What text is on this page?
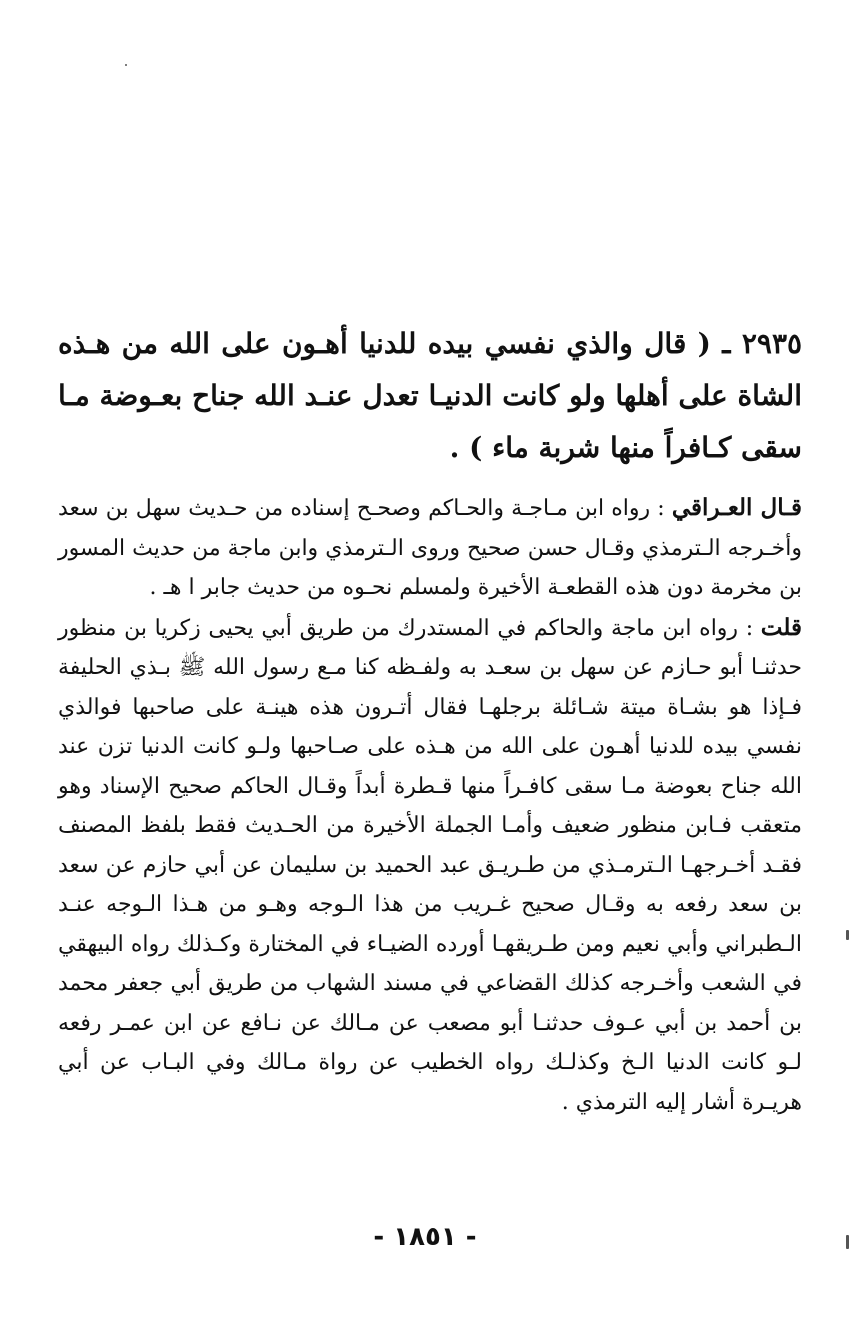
٢٩٣٥ ـ ( قال والذي نفسي بيده للدنيا أهـون على الله من هـذه الشاة على أهلها ولو كانت الدنيـا تعدل عنـد الله جناح بعـوضة مـا سقى كـافراً منها شربة ماء ) .

قـال العـراقي : رواه ابن مـاجـة والحـاكم وصحـح إسناده من حـديث سهل بن سعد وأخـرجه الـترمذي وقـال حسن صحيح وروى الـترمذي وابن ماجة من حديث المسور بن مخرمة دون هذه القطعـة الأخيرة ولمسلم نحـوه من حديث جابر ا هـ .

قلت : رواه ابن ماجة والحاكم في المستدرك من طريق أبي يحيى زكريا بن منظور حدثنـا أبو حـازم عن سهل بن سعـد به ولفـظه كنا مـع رسول الله ﷺ بـذي الحليفة فـإذا هو بشـاة ميتة شـائلة برجلهـا فقال أتـرون هذه هينـة على صاحبها فوالذي نفسي بيده للدنيا أهـون على الله من هـذه على صـاحبها ولـو كانت الدنيا تزن عند الله جناح بعوضة مـا سقى كافـراً منها قـطرة أبداً وقـال الحاكم صحيح الإسناد وهو متعقب فـابن منظور ضعيف وأمـا الجملة الأخيرة من الحـديث فقط بلفظ المصنف فقـد أخـرجهـا الـترمـذي من طـريـق عبد الحميد بن سليمان عن أبي حازم عن سعد بن سعد رفعه به وقـال صحيح غـريب من هذا الـوجه وهـو من هـذا الـوجه عنـد الـطبراني وأبي نعيم ومن طـريقهـا أورده الضيـاء في المختارة وكـذلك رواه البيهقي في الشعب وأخـرجه كذلك القضاعي في مسند الشهاب من طريق أبي جعفر محمد بن أحمد بن أبي عـوف حدثنـا أبو مصعب عن مـالك عن نـافع عن ابن عمـر رفعه لـو كانت الدنيا الـخ وكذلـك رواه الخطيب عن رواة مـالك وفي البـاب عن أبي هريـرة أشار إليه الترمذي .

- ١٨٥١ -
